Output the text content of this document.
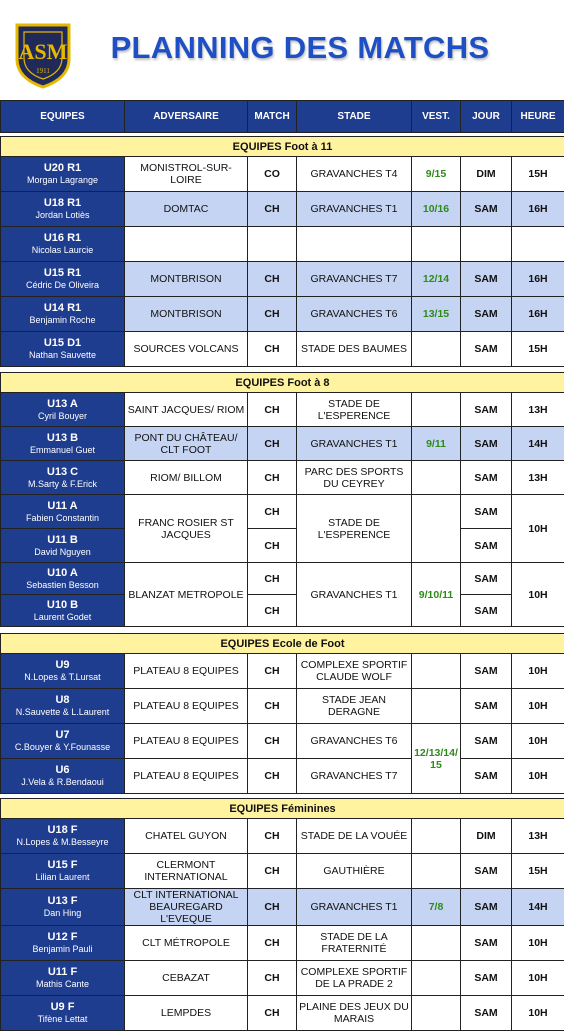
ASM
1911
PLANNING DES MATCHS
EQUIPES	ADVERSAIRE	MATCH	STADE	VEST.	JOUR	HEURE

EQUIPES Foot à 11						

U20 R1
Morgan Lagrange	MONISTROL-SUR-LOIRE	CO	GRAVANCHES T4	9/15	DIM	15H

U18 R1
Jordan Lotiès	DOMTAC	CH	GRAVANCHES T1	10/16	SAM	16H

U16 R1
Nicolas Laurcie						

U15 R1
Cédric De Oliveira	MONTBRISON	CH	GRAVANCHES T7	12/14	SAM	16H

U14 R1
Benjamin Roche	MONTBRISON	CH	GRAVANCHES T6	13/15	SAM	16H

U15 D1
Nathan Sauvette	SOURCES VOLCANS	CH	STADE DES BAUMES		SAM	15H

EQUIPES Foot à 8						

U13 A
Cyril Bouyer	SAINT JACQUES/ RIOM	CH	STADE DE L'ESPERENCE		SAM	13H

U13 B
Emmanuel Guet	PONT DU CHÂTEAU/ CLT FOOT	CH	GRAVANCHES T1	9/11	SAM	14H

U13 C
M.Sarty & F.Erick	RIOM/ BILLOM	CH	PARC DES SPORTS DU CEYREY		SAM	13H

U11 A
Fabien Constantin	FRANC ROSIER ST JACQUES	CH	STADE DE L'ESPERENCE		SAM	10H

U11 B
David Nguyen		CH			SAM	

U10 A
Sebastien Besson	BLANZAT METROPOLE	CH	GRAVANCHES T1	9/10/11	SAM	10H

U10 B
Laurent Godet		CH			SAM	

EQUIPES Ecole de Foot						

U9
N.Lopes & T.Lursat	PLATEAU 8 EQUIPES	CH	COMPLEXE SPORTIF CLAUDE WOLF		SAM	10H

U8
N.Sauvette & L.Laurent	PLATEAU 8 EQUIPES	CH	STADE JEAN DERAGNE		SAM	10H

U7
C.Bouyer & Y.Founasse	PLATEAU 8 EQUIPES	CH	GRAVANCHES T6	12/13/14/ 15	SAM	10H

U6
J.Vela & R.Bendaoui	PLATEAU 8 EQUIPES	CH	GRAVANCHES T7		SAM	10H

EQUIPES Féminines						

U18 F
N.Lopes & M.Besseyre	CHATEL GUYON	CH	STADE DE LA VOUÉE		DIM	13H

U15 F
Lilian Laurent	CLERMONT INTERNATIONAL	CH	GAUTHIÈRE		SAM	15H

U13 F
Dan Hing	CLT INTERNATIONAL BEAUREGARD L'EVEQUE	CH	GRAVANCHES T1	7/8	SAM	14H

U12 F
Benjamin Pauli	CLT MÉTROPOLE	CH	STADE DE LA FRATERNITÉ		SAM	10H

U11 F
Mathis Cante	CEBAZAT	CH	COMPLEXE SPORTIF DE LA PRADE 2		SAM	10H

U9 F
Tifène Lettat	LEMPDES	CH	PLAINE DES JEUX DU MARAIS		SAM	10H
